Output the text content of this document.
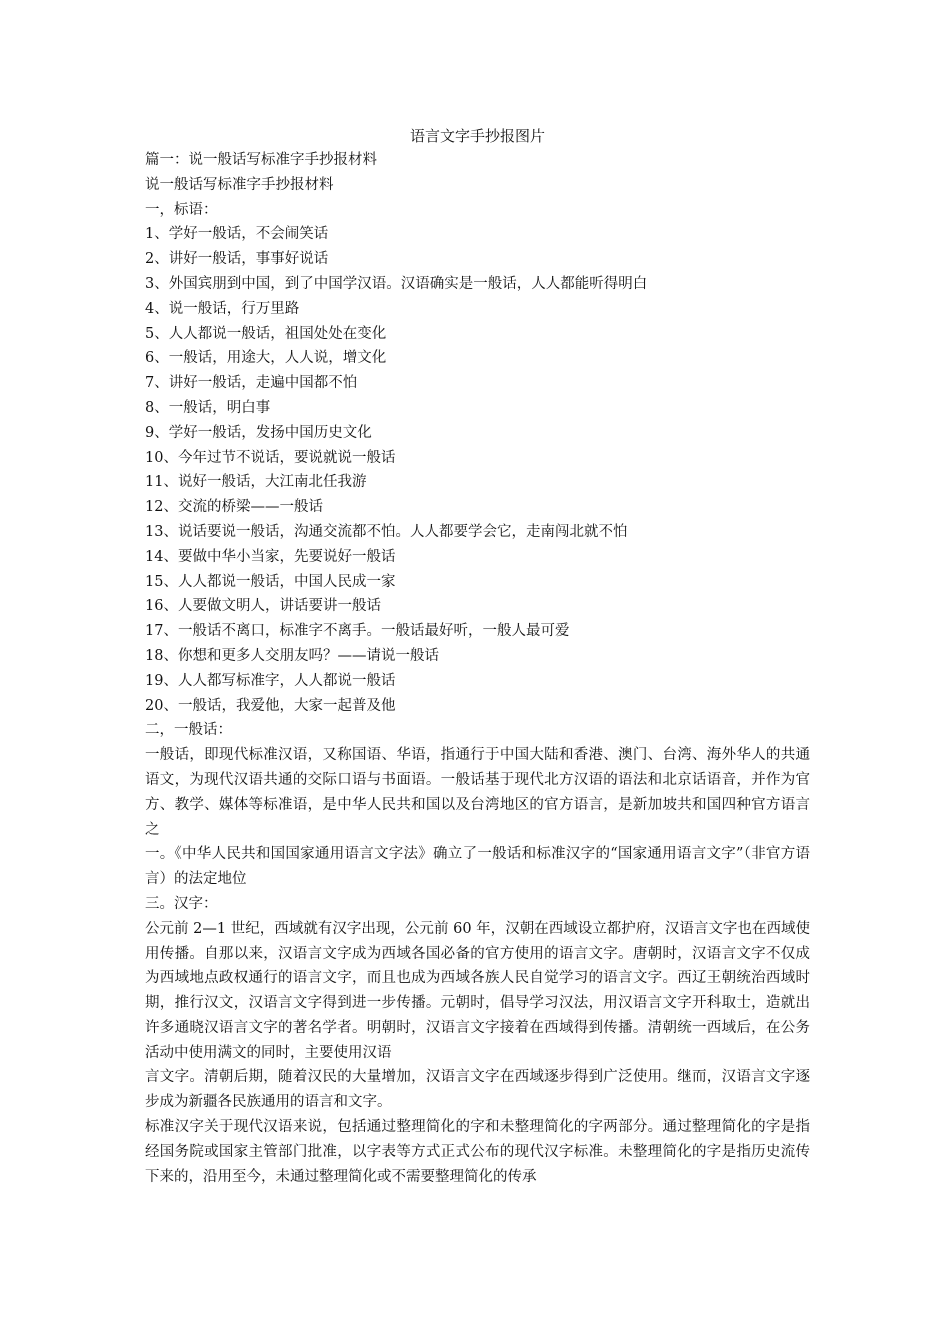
语言文字手抄报图片
篇一：说一般话写标准字手抄报材料
说一般话写标准字手抄报材料
一，标语：
1、学好一般话，不会闹笑话
2、讲好一般话，事事好说话
3、外国宾朋到中国，到了中国学汉语。汉语确实是一般话，人人都能听得明白
4、说一般话，行万里路
5、人人都说一般话，祖国处处在变化
6、一般话，用途大，人人说，增文化
7、讲好一般话，走遍中国都不怕
8、一般话，明白事
9、学好一般话，发扬中国历史文化
10、今年过节不说话，要说就说一般话
11、说好一般话，大江南北任我游
12、交流的桥梁——一般话
13、说话要说一般话，沟通交流都不怕。人人都要学会它，走南闯北就不怕
14、要做中华小当家，先要说好一般话
15、人人都说一般话，中国人民成一家
16、人要做文明人，讲话要讲一般话
17、一般话不离口，标准字不离手。一般话最好听，一般人最可爱
18、你想和更多人交朋友吗？——请说一般话
19、人人都写标准字，人人都说一般话
20、一般话，我爱他，大家一起普及他
二，一般话：

一般话，即现代标准汉语，又称国语、华语，指通行于中国大陆和香港、澳门、台湾、海外华人的共通语文，为现代汉语共通的交际口语与书面语。一般话基于现代北方汉语的语法和北京话语音，并作为官方、教学、媒体等标准语，是中华人民共和国以及台湾地区的官方语言，是新加坡共和国四种官方语言之

一。《中华人民共和国国家通用语言文字法》确立了一般话和标准汉字的“国家通用语言文字”（非官方语言）的法定地位

三。汉字：

公元前 2—1 世纪，西域就有汉字出现，公元前 60 年，汉朝在西域设立都护府，汉语言文字也在西域使用传播。自那以来，汉语言文字成为西域各国必备的官方使用的语言文字。唐朝时，汉语言文字不仅成为西域地点政权通行的语言文字，而且也成为西域各族人民自觉学习的语言文字。西辽王朝统治西域时期，推行汉文，汉语言文字得到进一步传播。元朝时，倡导学习汉法，用汉语言文字开科取士，造就出许多通晓汉语言文字的著名学者。明朝时，汉语言文字接着在西域得到传播。清朝统一西域后，在公务活动中使用满文的同时，主要使用汉语

言文字。清朝后期，随着汉民的大量增加，汉语言文字在西域逐步得到广泛使用。继而，汉语言文字逐步成为新疆各民族通用的语言和文字。

标准汉字关于现代汉语来说，包括通过整理简化的字和未整理简化的字两部分。通过整理简化的字是指经国务院或国家主管部门批准，以字表等方式正式公布的现代汉字标准。未整理简化的字是指历史流传下来的，沿用至今，未通过整理简化或不需要整理简化的传承
